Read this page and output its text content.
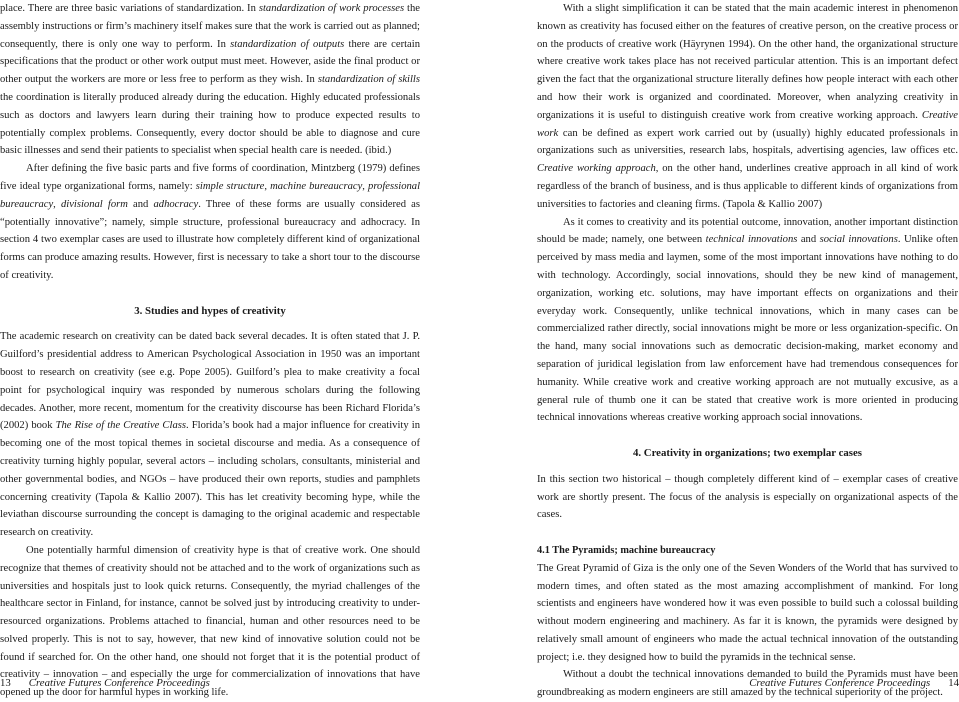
place. There are three basic variations of standardization. In standardization of work processes the assembly instructions or firm’s machinery itself makes sure that the work is carried out as planned; consequently, there is only one way to perform. In standardization of outputs there are certain specifications that the product or other work output must meet. However, aside the final product or other output the workers are more or less free to perform as they wish. In standardization of skills the coordination is literally produced already during the education. Highly educated professionals such as doctors and lawyers learn during their training how to produce expected results to potentially complex problems. Consequently, every doctor should be able to diagnose and cure basic illnesses and send their patients to specialist when special health care is needed. (ibid.)

After defining the five basic parts and five forms of coordination, Mintzberg (1979) defines five ideal type organizational forms, namely: simple structure, machine bureaucracy, professional bureaucracy, divisional form and adhocracy. Three of these forms are usually considered as “potentially innovative”; namely, simple structure, professional bureaucracy and adhocracy. In section 4 two exemplar cases are used to illustrate how completely different kind of organizational forms can produce amazing results. However, first is necessary to take a short tour to the discourse of creativity.

3. Studies and hypes of creativity

The academic research on creativity can be dated back several decades. It is often stated that J. P. Guilford’s presidential address to American Psychological Association in 1950 was an important boost to research on creativity (see e.g. Pope 2005). Guilford’s plea to make creativity a focal point for psychological inquiry was responded by numerous scholars during the following decades. Another, more recent, momentum for the creativity discourse has been Richard Florida’s (2002) book The Rise of the Creative Class. Florida’s book had a major influence for creativity in becoming one of the most topical themes in societal discourse and media. As a consequence of creativity turning highly popular, several actors – including scholars, consultants, ministerial and other governmental bodies, and NGOs – have produced their own reports, studies and pamphlets concerning creativity (Tapola & Kallio 2007). This has let creativity becoming hype, while the leviathan discourse surrounding the concept is damaging to the original academic and respectable research on creativity.

One potentially harmful dimension of creativity hype is that of creative work. One should recognize that themes of creativity should not be attached and to the work of organizations such as universities and hospitals just to look quick returns. Consequently, the myriad challenges of the healthcare sector in Finland, for instance, cannot be solved just by introducing creativity to under-resourced organizations. Problems attached to financial, human and other resources need to be solved properly. This is not to say, however, that new kind of innovative solution could not be found if searched for. On the other hand, one should not forget that it is the potential product of creativity – innovation – and especially the urge for commercialization of innovations that have opened up the door for harmful hypes in working life.

With a slight simplification it can be stated that the main academic interest in phenomenon known as creativity has focused either on the features of creative person, on the creative process or on the products of creative work (Häyrynen 1994). On the other hand, the organizational structure where creative work takes place has not received particular attention. This is an important defect given the fact that the organizational structure literally defines how people interact with each other and how their work is organized and coordinated. Moreover, when analyzing creativity in organizations it is useful to distinguish creative work from creative working approach. Creative work can be defined as expert work carried out by (usually) highly educated professionals in organizations such as universities, research labs, hospitals, advertising agencies, law offices etc. Creative working approach, on the other hand, underlines creative approach in all kind of work regardless of the branch of business, and is thus applicable to different kinds of organizations from universities to factories and cleaning firms. (Tapola & Kallio 2007)

As it comes to creativity and its potential outcome, innovation, another important distinction should be made; namely, one between technical innovations and social innovations. Unlike often perceived by mass media and laymen, some of the most important innovations have nothing to do with technology. Accordingly, social innovations, should they be new kind of management, organization, working etc. solutions, may have important effects on organizations and their everyday work. Consequently, unlike technical innovations, which in many cases can be commercialized rather directly, social innovations might be more or less organization-specific. On the hand, many social innovations such as democratic decision-making, market economy and separation of juridical legislation from law enforcement have had tremendous consequences for humanity. While creative work and creative working approach are not mutually excusive, as a general rule of thumb one it can be stated that creative work is more oriented in producing technical innovations whereas creative working approach social innovations.

4. Creativity in organizations; two exemplar cases

In this section two historical – though completely different kind of – exemplar cases of creative work are shortly present. The focus of the analysis is especially on organizational aspects of the cases.

4.1 The Pyramids; machine bureaucracy

The Great Pyramid of Giza is the only one of the Seven Wonders of the World that has survived to modern times, and often stated as the most amazing accomplishment of mankind. For long scientists and engineers have wondered how it was even possible to build such a colossal building without modern engineering and machinery. As far it is known, the pyramids were designed by relatively small amount of engineers who made the actual technical innovation of the outstanding project; i.e. they designed how to build the pyramids in the technical sense.

Without a doubt the technical innovations demanded to build the Pyramids must have been groundbreaking as modern engineers are still amazed by the technical superiority of the project.

13 Creative Futures Conference Proceedings	Creative Futures Conference Proceedings 14
